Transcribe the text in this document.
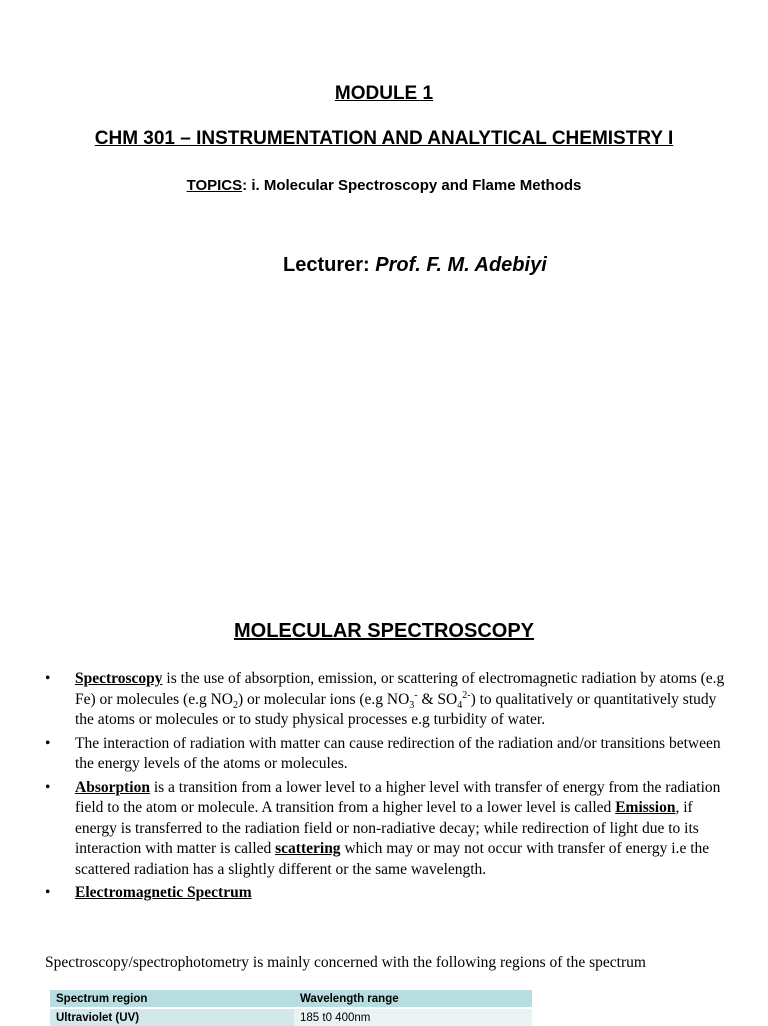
MODULE 1
CHM 301 – INSTRUMENTATION AND ANALYTICAL CHEMISTRY I
TOPICS: i. Molecular Spectroscopy and Flame Methods
Lecturer: Prof. F. M. Adebiyi
MOLECULAR SPECTROSCOPY
• Spectroscopy is the use of absorption, emission, or scattering of electromagnetic radiation by atoms (e.g Fe) or molecules (e.g $NO_2$) or molecular ions (e.g $NO_3^-$ & $SO_4^{2-}$) to qualitatively or quantitatively study the atoms or molecules or to study physical processes e.g turbidity of water.
• The interaction of radiation with matter can cause redirection of the radiation and/or transitions between the energy levels of the atoms or molecules.
• Absorption is a transition from a lower level to a higher level with transfer of energy from the radiation field to the atom or molecule. A transition from a higher level to a lower level is called Emission, if energy is transferred to the radiation field or non-radiative decay; while redirection of light due to its interaction with matter is called scattering which may or may not occur with transfer of energy i.e the scattered radiation has a slightly different or the same wavelength.
• Electromagnetic Spectrum
Spectroscopy/spectrophotometry is mainly concerned with the following regions of the spectrum
Spectrum region	Wavelength range
Ultraviolet (UV)	185 t0 400nm
